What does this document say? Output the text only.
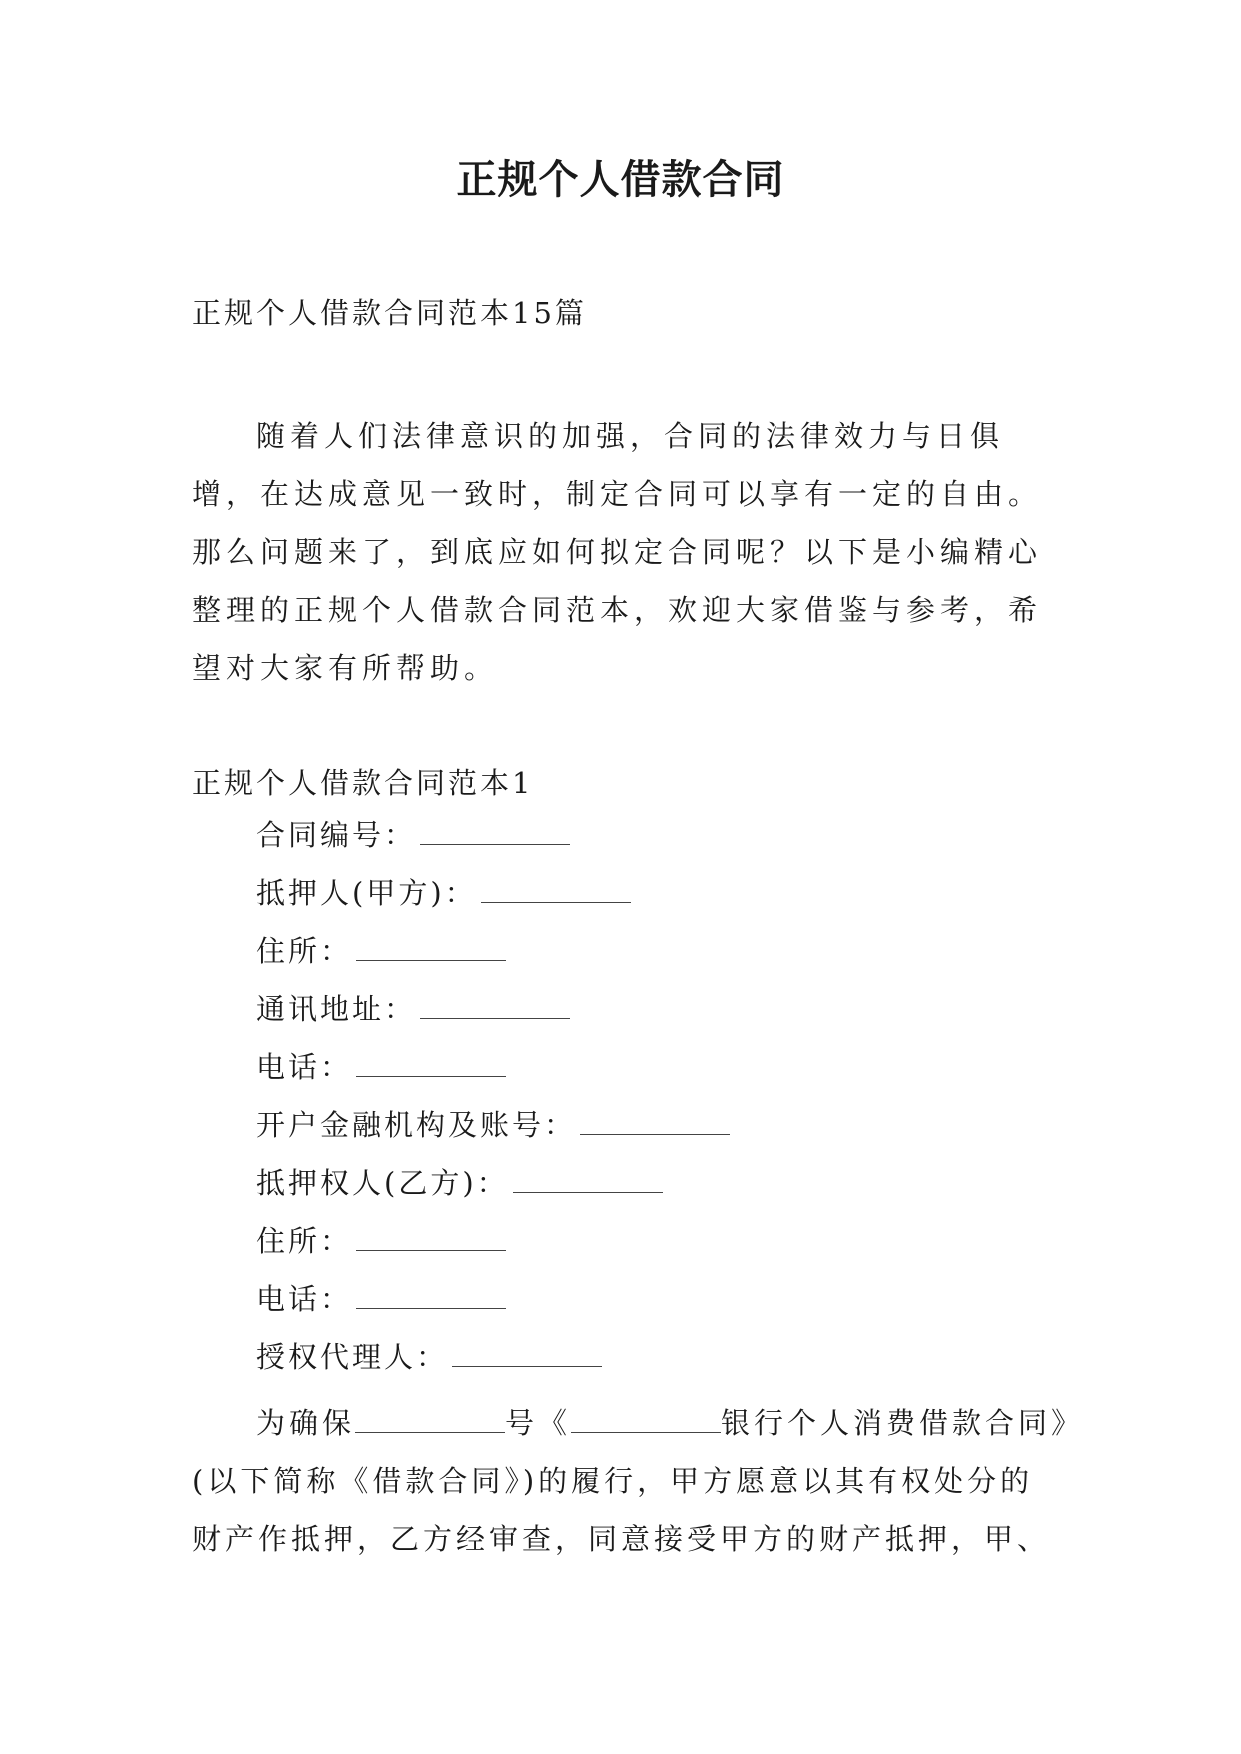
正规个人借款合同
正规个人借款合同范本15篇

随着人们法律意识的加强，合同的法律效力与日俱增，在达成意见一致时，制定合同可以享有一定的自由。那么问题来了，到底应如何拟定合同呢？以下是小编精心整理的正规个人借款合同范本，欢迎大家借鉴与参考，希望对大家有所帮助。

正规个人借款合同范本1
合同编号：
抵押人(甲方)：
住所：
通讯地址：
电话：
开户金融机构及账号：
抵押权人(乙方)：
住所：
电话：
授权代理人：
为确保	号《	银行个人消费借款合同》
(以下简称《借款合同》)的履行，甲方愿意以其有权处分的
财产作抵押，乙方经审查，同意接受甲方的财产抵押，甲、
